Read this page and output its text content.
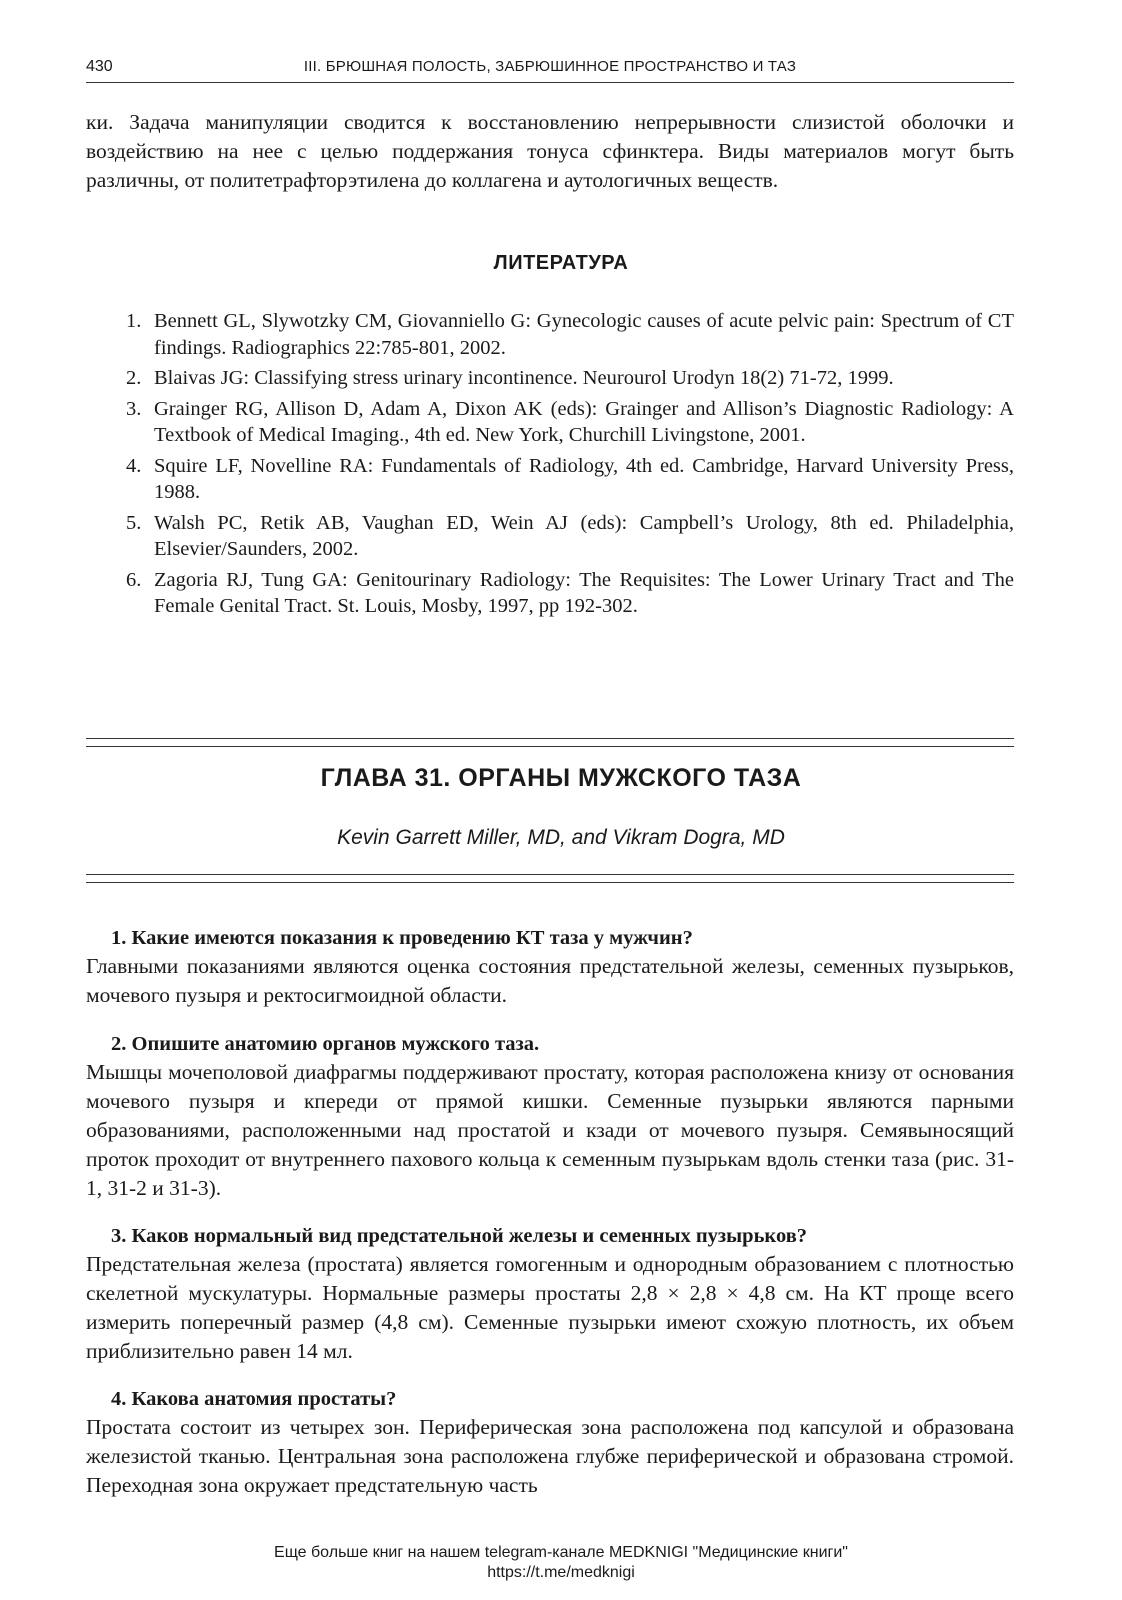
430	III. БРЮШНАЯ ПОЛОСТЬ, ЗАБРЮШИННОЕ ПРОСТРАНСТВО И ТАЗ
ки. Задача манипуляции сводится к восстановлению непрерывности слизистой оболочки и воздействию на нее с целью поддержания тонуса сфинктера. Виды материалов могут быть различны, от политетрафторэтилена до коллагена и аутологичных веществ.
ЛИТЕРАТУРА
1. Bennett GL, Slywotzky CM, Giovanniello G: Gynecologic causes of acute pelvic pain: Spectrum of CT findings. Radiographics 22:785-801, 2002.
2. Blaivas JG: Classifying stress urinary incontinence. Neurourol Urodyn 18(2) 71-72, 1999.
3. Grainger RG, Allison D, Adam A, Dixon AK (eds): Grainger and Allison’s Diagnostic Radiology: A Textbook of Medical Imaging., 4th ed. New York, Churchill Livingstone, 2001.
4. Squire LF, Novelline RA: Fundamentals of Radiology, 4th ed. Cambridge, Harvard University Press, 1988.
5. Walsh PC, Retik AB, Vaughan ED, Wein AJ (eds): Campbell’s Urology, 8th ed. Philadelphia, Elsevier/Saunders, 2002.
6. Zagoria RJ, Tung GA: Genitourinary Radiology: The Requisites: The Lower Urinary Tract and The Female Genital Tract. St. Louis, Mosby, 1997, pp 192-302.
ГЛАВА 31. ОРГАНЫ МУЖСКОГО ТАЗА
Kevin Garrett Miller, MD, and Vikram Dogra, MD
1. Какие имеются показания к проведению КТ таза у мужчин?
Главными показаниями являются оценка состояния предстательной железы, семенных пузырьков, мочевого пузыря и ректосигмоидной области.
2. Опишите анатомию органов мужского таза.
Мышцы мочеполовой диафрагмы поддерживают простату, которая расположена книзу от основания мочевого пузыря и кпереди от прямой кишки. Семенные пузырьки являются парными образованиями, расположенными над простатой и кзади от мочевого пузыря. Семявыносящий проток проходит от внутреннего пахового кольца к семенным пузырькам вдоль стенки таза (рис. 31-1, 31-2 и 31-3).
3. Каков нормальный вид предстательной железы и семенных пузырьков?
Предстательная железа (простата) является гомогенным и однородным образованием с плотностью скелетной мускулатуры. Нормальные размеры простаты 2,8 × 2,8 × 4,8 см. На КТ проще всего измерить поперечный размер (4,8 см). Семенные пузырьки имеют схожую плотность, их объем приблизительно равен 14 мл.
4. Какова анатомия простаты?
Простата состоит из четырех зон. Периферическая зона расположена под капсулой и образована железистой тканью. Центральная зона расположена глубже периферической и образована стромой. Переходная зона окружает предстательную часть
Еще больше книг на нашем telegram-канале MEDKNIGI "Медицинские книги"
https://t.me/medknigi
